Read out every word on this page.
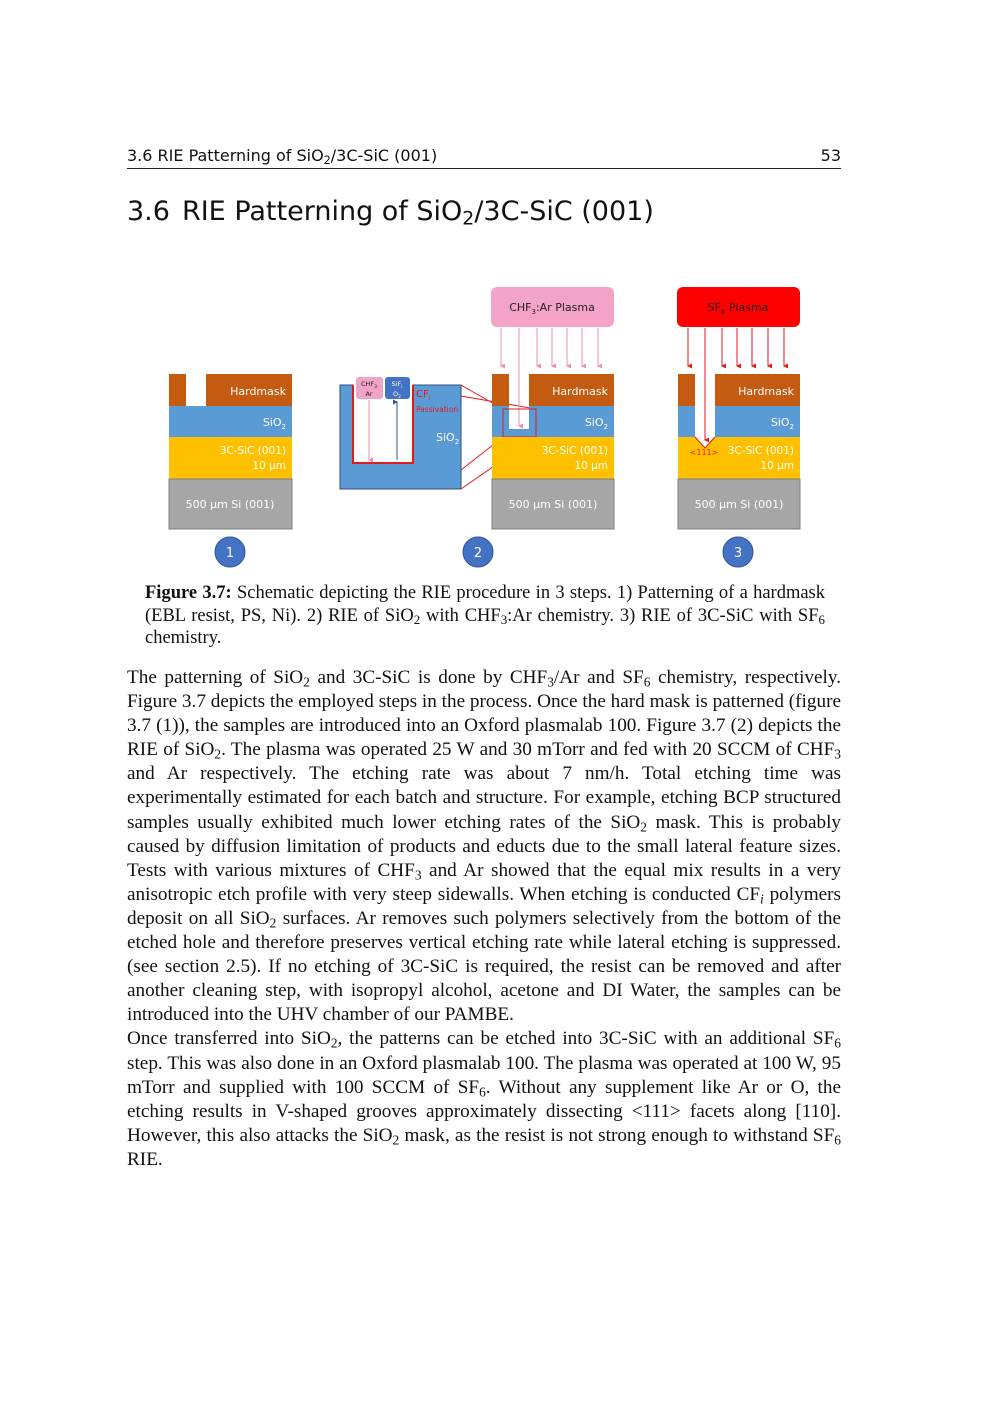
3.6 RIE Patterning of SiO$_2$/3C-SiC (001)	53
3.6 RIE Patterning of SiO$_2$/3C-SiC (001)
Hardmask
SiO$_2$
3C-SiC (001)
10 µm
500 µm Si (001)
$CHF_3$
Ar
SiF$_i$
$O_2$ $CF_i$
Passivation
SiO$_2$
$CHF_3:Ar$ Plasma
Hardmask
SiO$_2$
3C-SiC (001)
10 µm
500 µm Si (001)
$SF_6$ Plasma
Hardmask
SiO$_2$
<111> 3C-SiC (001)
10 µm
500 µm Si (001)
1	2	3
Figure 3.7: Schematic depicting the RIE procedure in 3 steps. 1) Patterning of a hardmask (EBL resist, PS, Ni). 2) RIE of SiO$_2$ with $CHF_3:Ar$ chemistry. 3) RIE of 3C-SiC with $SF_6$ chemistry.

The patterning of SiO$_2$ and 3C-SiC is done by $CHF_3/Ar$ and $SF_6$ chemistry, respectively. Figure 3.7 depicts the employed steps in the process. Once the hard mask is patterned (figure 3.7 (1)), the samples are introduced into an Oxford plasmalab 100. Figure 3.7 (2) depicts the RIE of SiO$_2$. The plasma was operated 25 W and 30 mTorr and fed with 20 SCCM of $CHF_3$ and Ar respectively. The etching rate was about 7 nm/h. Total etching time was experimentally estimated for each batch and structure. For example, etching BCP structured samples usually exhibited much lower etching rates of the SiO$_2$ mask. This is probably caused by diffusion limitation of products and educts due to the small lateral feature sizes. Tests with various mixtures of $CHF_3$ and Ar showed that the equal mix results in a very anisotropic etch profile with very steep sidewalls. When etching is conducted $CF_i$ polymers deposit on all SiO$_2$ surfaces. Ar removes such polymers selectively from the bottom of the etched hole and therefore preserves vertical etching rate while lateral etching is suppressed. (see section 2.5). If no etching of 3C-SiC is required, the resist can be removed and after another cleaning step, with isopropyl alcohol, acetone and DI Water, the samples can be introduced into the UHV chamber of our PAMBE.

Once transferred into SiO$_2$, the patterns can be etched into 3C-SiC with an additional $SF_6$ step. This was also done in an Oxford plasmalab 100. The plasma was operated at 100 W, 95 mTorr and supplied with 100 SCCM of $SF_6$. Without any supplement like Ar or O, the etching results in V-shaped grooves approximately dissecting <111> facets along [110]. However, this also attacks the SiO$_2$ mask, as the resist is not strong enough to withstand $SF_6$ RIE.
